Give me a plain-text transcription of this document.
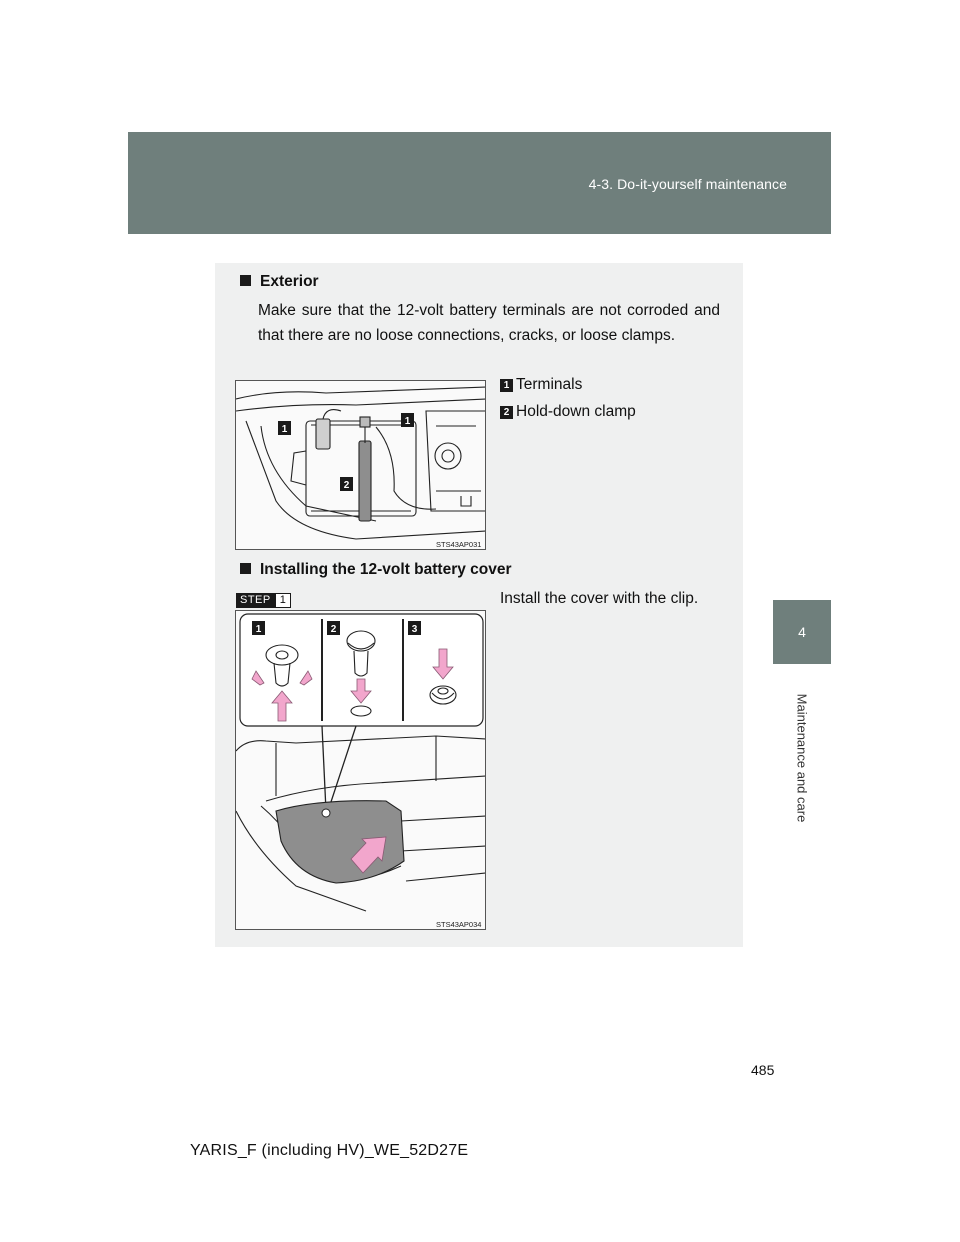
4-3. Do-it-yourself maintenance
4
Maintenance and care
Exterior
Make sure that the 12-volt battery terminals are not corroded and that there are no loose connections, cracks, or loose clamps.
1 Terminals
2 Hold-down clamp
1
1
2
STS43AP031
Installing the 12-volt battery cover
STEP 1	Install the cover with the clip.
1	2	3
STS43AP034
485
YARIS_F (including HV)_WE_52D27E
